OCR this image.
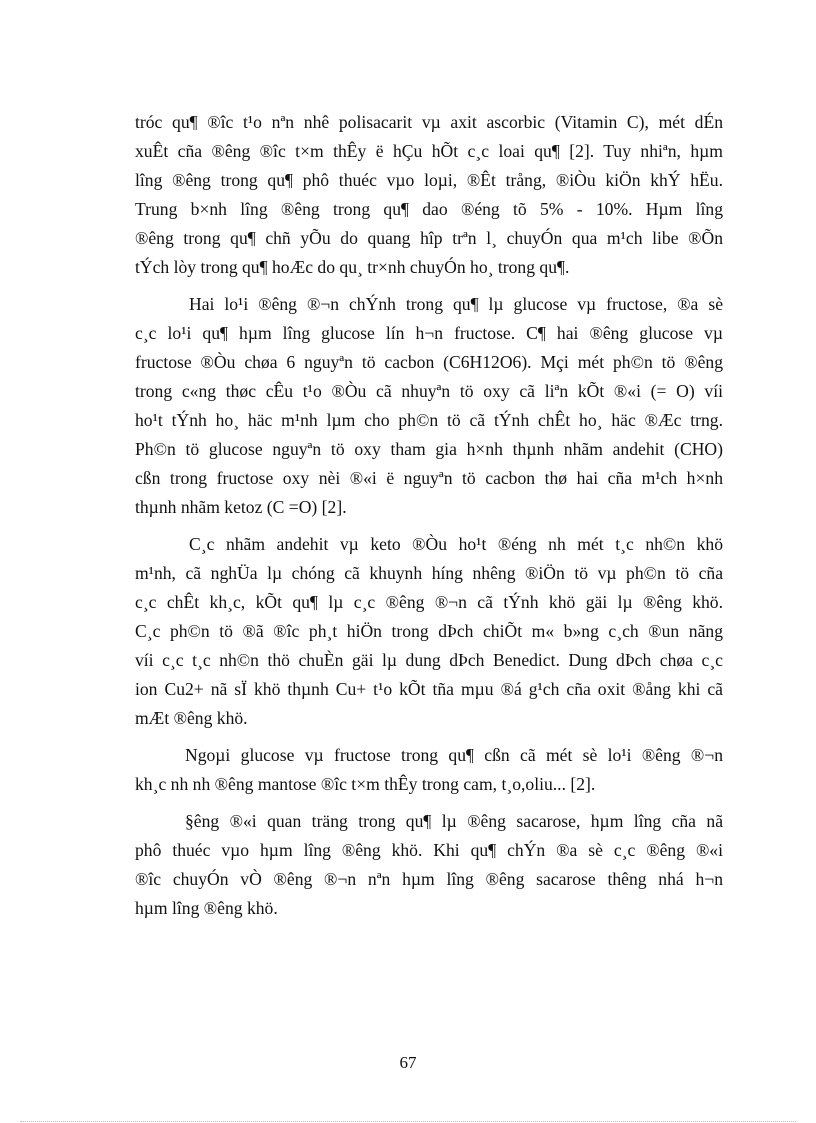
tróc qu¶ ®îc t¹o nªn nhê polisacarit vµ axit ascorbic (Vitamin C), mét dÉn
xuÊt cña ®êng ®îc t×m thÊy ë hÇu hÕt c¸c loai qu¶ [2]. Tuy nhiªn, hµm
lîng ®êng trong qu¶ phô thuéc vµo loµi, ®Êt trång, ®iÒu kiÖn khÝ hËu.
Trung b×nh lîng ®êng trong qu¶ dao ®éng tõ 5% - 10%. Hµm lîng
®êng trong qu¶ chñ yÕu do quang hîp trªn l¸ chuyÓn qua m¹ch libe ®Õn
tÝch lòy trong qu¶ hoÆc do qu¸ tr×nh chuyÓn ho¸ trong qu¶.
Hai lo¹i ®êng ®¬n chÝnh trong qu¶ lµ glucose vµ fructose, ®a sè
c¸c lo¹i qu¶ hµm lîng glucose lín h¬n fructose. C¶ hai ®êng glucose vµ
fructose ®Òu chøa 6 nguyªn tö cacbon (C6H12O6). Mçi mét ph©n tö ®êng
trong c«ng thøc cÊu t¹o ®Òu cã nhuyªn tö oxy cã liªn kÕt ®«i (= O) víi
ho¹t tÝnh ho¸ häc m¹nh lµm cho ph©n tö cã tÝnh chÊt ho¸ häc ®Æc trng.
Ph©n tö glucose nguyªn tö oxy tham gia h×nh thµnh nhãm andehit (CHO)
cßn trong fructose oxy nèi ®«i ë nguyªn tö cacbon thø hai cña m¹ch h×nh
thµnh nhãm ketoz (C =O) [2].
C¸c nhãm andehit vµ keto ®Òu ho¹t ®éng nh mét t¸c nh©n khö
m¹nh, cã nghÜa lµ chóng cã khuynh híng nhêng ®iÖn tö vµ ph©n tö cña
c¸c chÊt kh¸c, kÕt qu¶ lµ c¸c ®êng ®¬n cã tÝnh khö gäi lµ ®êng khö.
C¸c ph©n tö ®ã ®îc ph¸t hiÖn trong dÞch chiÕt m« b»ng c¸ch ®un nãng
víi c¸c t¸c nh©n thö chuÈn gäi lµ dung dÞch Benedict. Dung dÞch chøa c¸c
ion Cu2+ nã sÏ khö thµnh Cu+ t¹o kÕt tña mµu ®á g¹ch cña oxit ®ång khi cã
mÆt ®êng khö.
Ngoµi glucose vµ fructose trong qu¶ cßn cã mét sè lo¹i ®êng ®¬n
kh¸c nh nh ®êng mantose ®îc t×m thÊy trong cam, t¸o,oliu... [2].
§êng ®«i quan träng trong qu¶ lµ ®êng sacarose, hµm lîng cña nã
phô thuéc vµo hµm lîng ®êng khö. Khi qu¶ chÝn ®a sè c¸c ®êng ®«i
®îc chuyÓn vÒ ®êng ®¬n nªn hµm lîng ®êng sacarose thêng nhá h¬n
hµm lîng ®êng khö.
67
